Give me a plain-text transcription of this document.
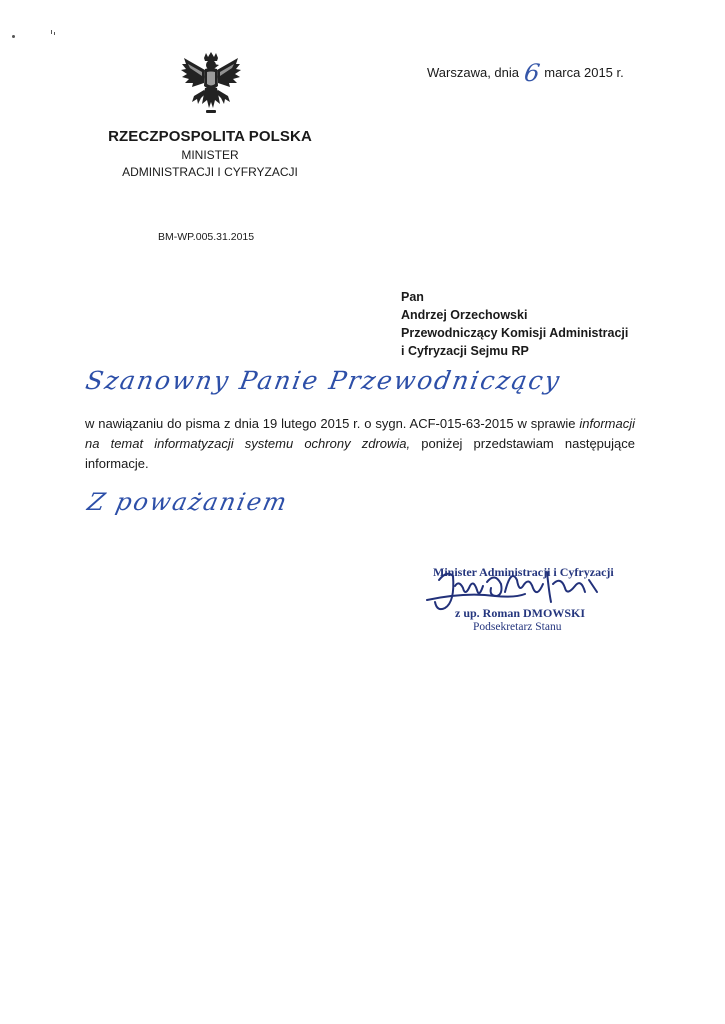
RZECZPOSPOLITA POLSKA
MINISTER
ADMINISTRACJI I CYFRYZACJI
Warszawa, dnia 6 marca 2015 r.
BM-WP.005.31.2015
Pan
Andrzej Orzechowski
Przewodniczący Komisji Administracji
i Cyfryzacji Sejmu RP
Szanowny Panie Przewodniczący
w nawiązaniu do pisma z dnia 19 lutego 2015 r. o sygn. ACF-015-63-2015 w sprawie informacji na temat informatyzacji systemu ochrony zdrowia, poniżej przedstawiam następujące informacje.
Z poważaniem
Minister Administracji i Cyfryzacji
z up. Roman DMOWSKI
Podsekretarz Stanu
